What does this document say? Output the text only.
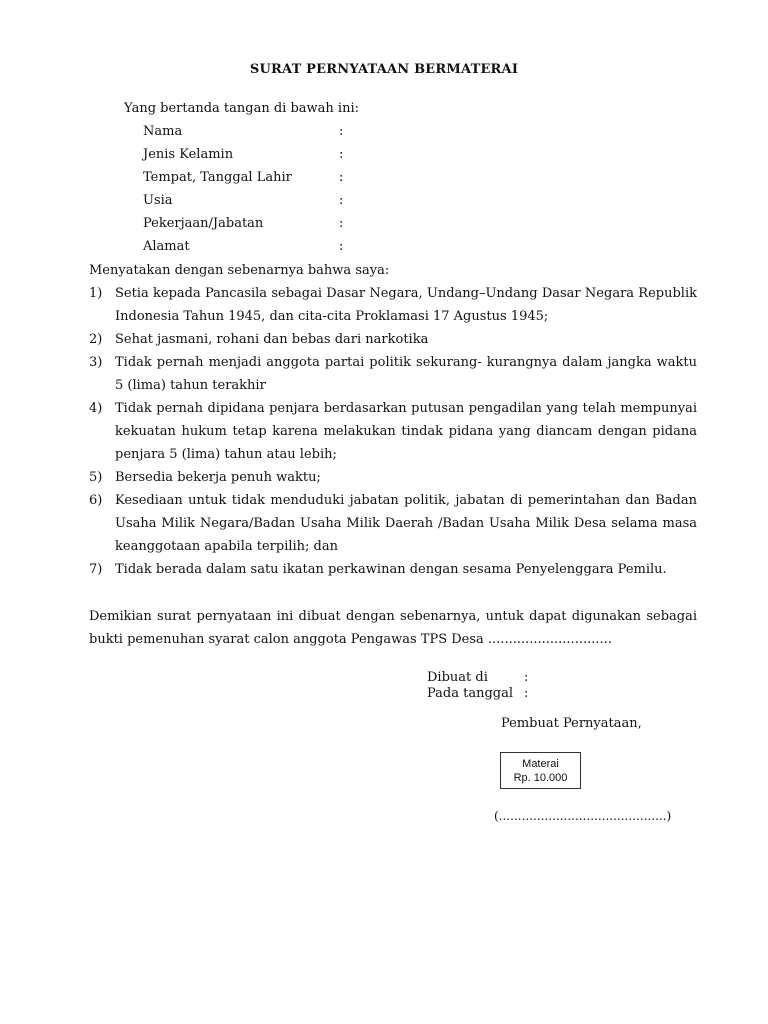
SURAT PERNYATAAN BERMATERAI
Yang bertanda tangan di bawah ini:
Nama	:
Jenis Kelamin	:
Tempat, Tanggal Lahir	:
Usia	:
Pekerjaan/Jabatan	:
Alamat	:
Menyatakan dengan sebenarnya bahwa saya:
1) Setia kepada Pancasila sebagai Dasar Negara, Undang–Undang Dasar Negara Republik Indonesia Tahun 1945, dan cita-cita Proklamasi 17 Agustus 1945;
2) Sehat jasmani, rohani dan bebas dari narkotika
3) Tidak pernah menjadi anggota partai politik sekurang- kurangnya dalam jangka waktu 5 (lima) tahun terakhir
4) Tidak pernah dipidana penjara berdasarkan putusan pengadilan yang telah mempunyai kekuatan hukum tetap karena melakukan tindak pidana yang diancam dengan pidana penjara 5 (lima) tahun atau lebih;
5) Bersedia bekerja penuh waktu;
6) Kesediaan untuk tidak menduduki jabatan politik, jabatan di pemerintahan dan Badan Usaha Milik Negara/Badan Usaha Milik Daerah /Badan Usaha Milik Desa selama masa keanggotaan apabila terpilih; dan
7) Tidak berada dalam satu ikatan perkawinan dengan sesama Penyelenggara Pemilu.
Demikian surat pernyataan ini dibuat dengan sebenarnya, untuk dapat digunakan sebagai bukti pemenuhan syarat calon anggota Pengawas TPS Desa ..............................
Dibuat di	:
Pada tanggal :
Pembuat Pernyataan,
Materai
Rp. 10.000
(............................................)
